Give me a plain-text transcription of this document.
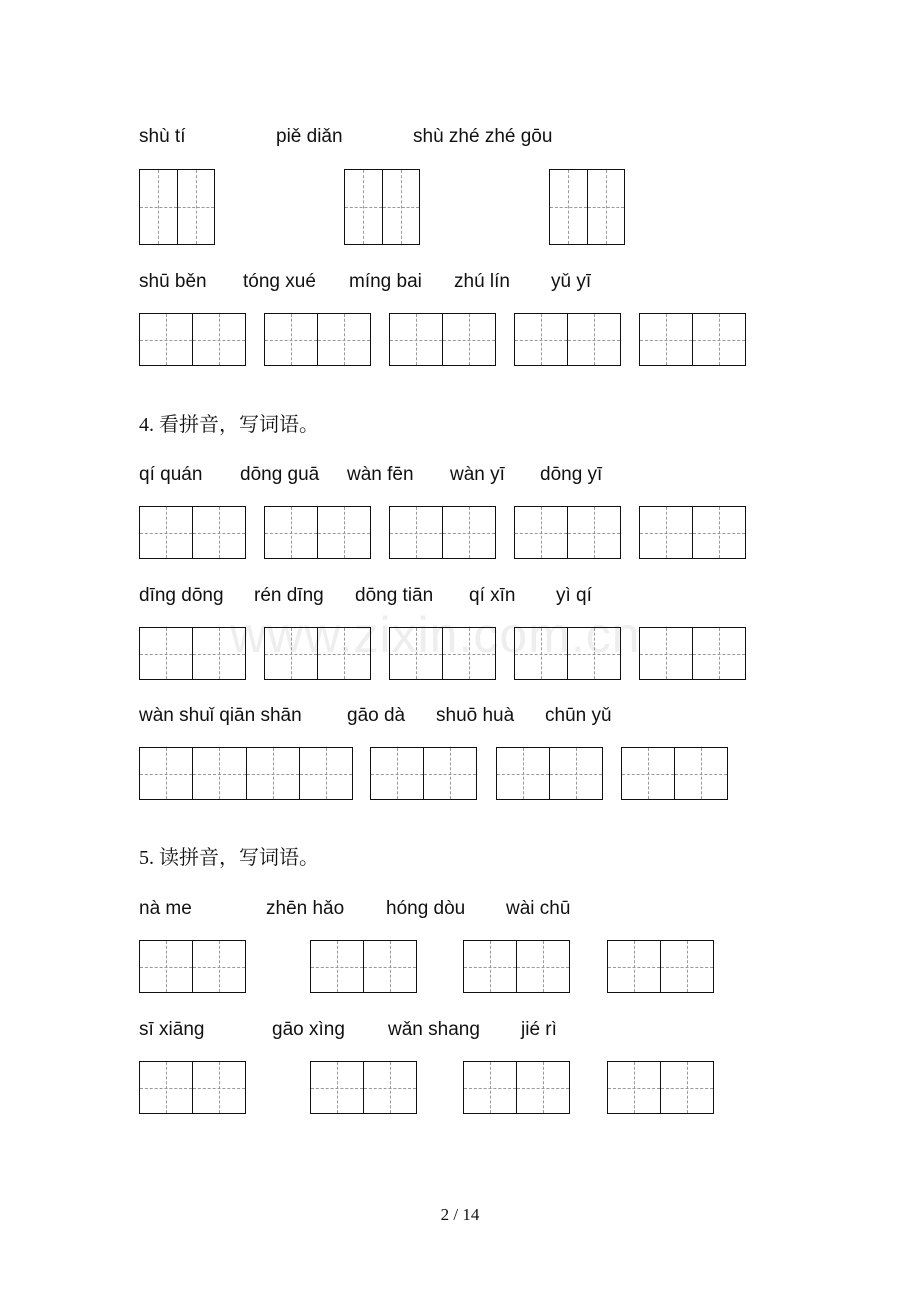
shù tí	piě diǎn	shù zhé zhé gōu
shū běn tóng xué míng bai zhú lín yǔ yī
4. 看拼音，写词语。
qí quán dōng guā wàn fēn wàn yī dōng yī
dīng dōng rén dīng dōng tiān qí xīn yì qí
www.zixin.com.cn
wàn shuǐ qiān shān gāo dà shuō huà chūn yǔ
5. 读拼音，写词语。
nà me	zhēn hǎo hóng dòu wài chū
sī xiāng	gāo xìng wǎn shang jié rì
2 / 14
